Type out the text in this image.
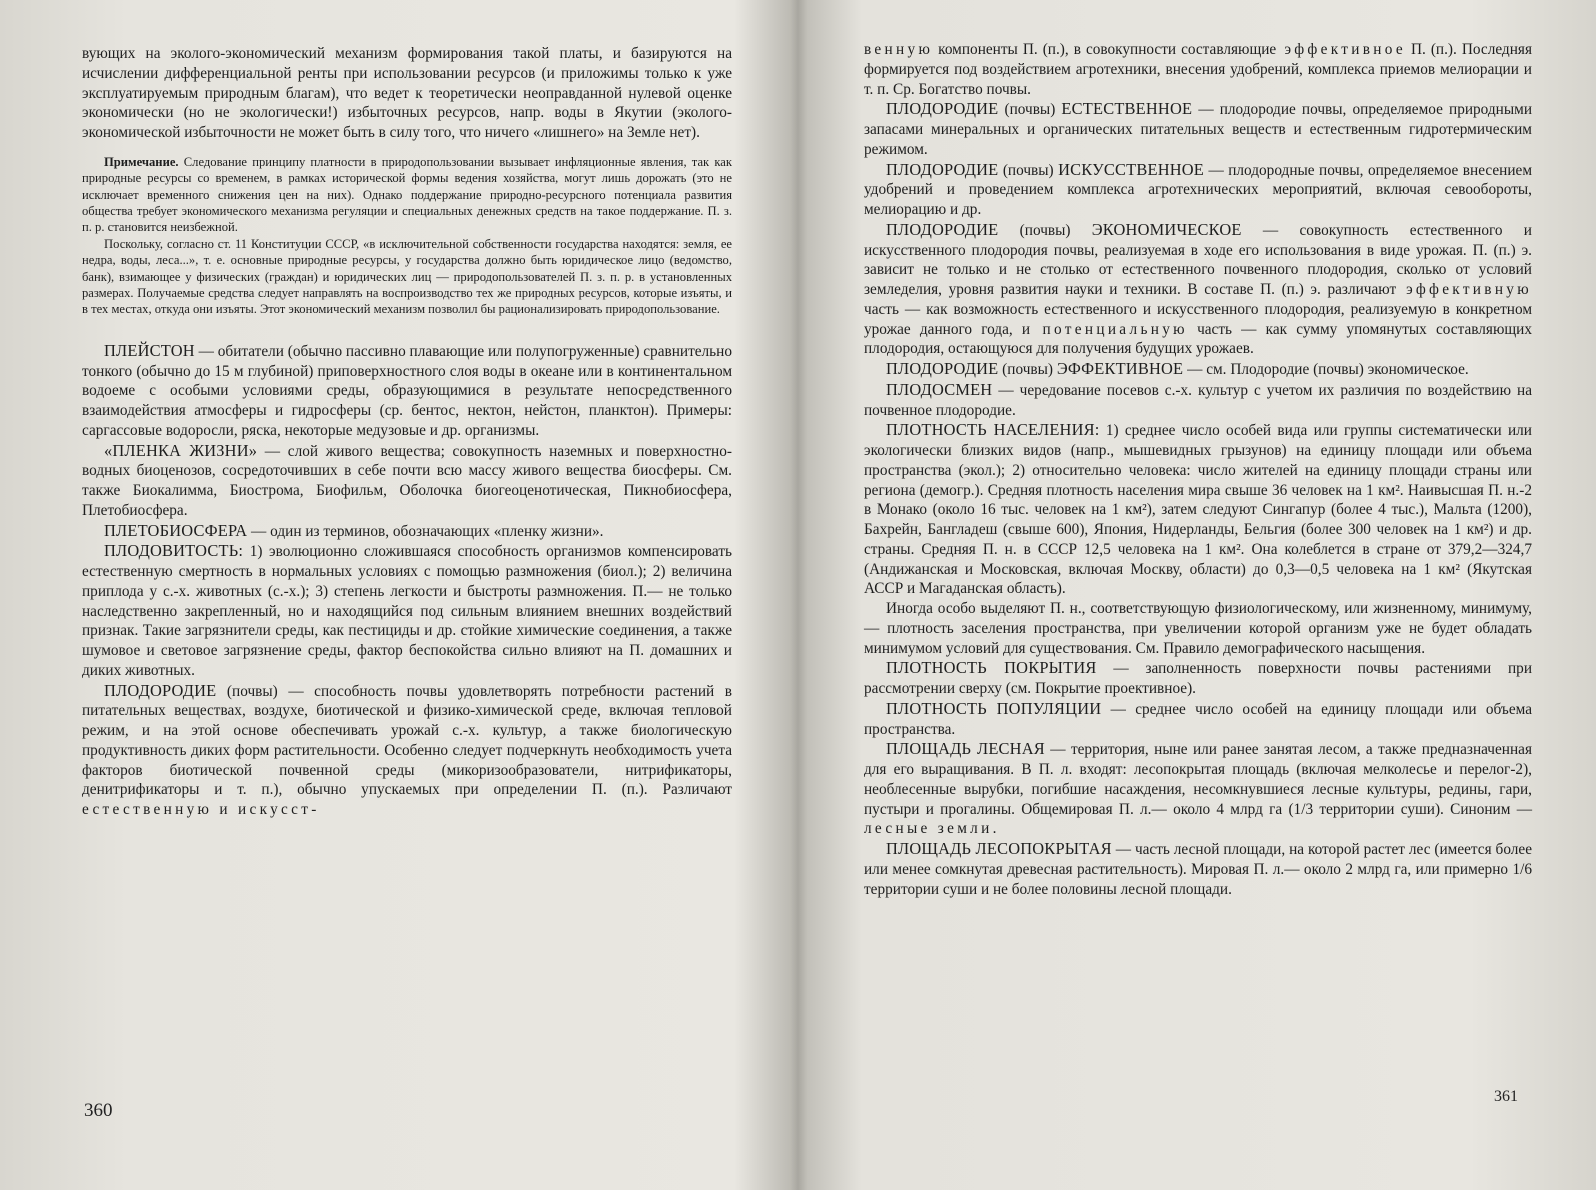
вующих на эколого-экономический механизм формирования такой платы, и базируются на исчислении дифференциальной ренты при использовании ресурсов (и приложимы только к уже эксплуатируемым природным благам), что ведет к теоретически неоправданной нулевой оценке экономически (но не экологически!) избыточных ресурсов, напр. воды в Якутии (эколого-экономической избыточности не может быть в силу того, что ничего «лишнего» на Земле нет).

Примечание. Следование принципу платности в природопользовании вызывает инфляционные явления, так как природные ресурсы со временем, в рамках исторической формы ведения хозяйства, могут лишь дорожать (это не исключает временного снижения цен на них). Однако поддержание природно-ресурсного потенциала развития общества требует экономического механизма регуляции и специальных денежных средств на такое поддержание. П. з. п. р. становится неизбежной.

Поскольку, согласно ст. 11 Конституции СССР, «в исключительной собственности государства находятся: земля, ее недра, воды, леса...», т. е. основные природные ресурсы, у государства должно быть юридическое лицо (ведомство, банк), взимающее у физических (граждан) и юридических лиц — природопользователей П. з. п. р. в установленных размерах. Получаемые средства следует направлять на воспроизводство тех же природных ресурсов, которые изъяты, и в тех местах, откуда они изъяты. Этот экономический механизм позволил бы рационализировать природопользование.

ПЛЕЙСТОН — обитатели (обычно пассивно плавающие или полупогруженные) сравнительно тонкого (обычно до 15 м глубиной) приповерхностного слоя воды в океане или в континентальном водоеме с особыми условиями среды, образующимися в результате непосредственного взаимодействия атмосферы и гидросферы (ср. бентос, нектон, нейстон, планктон). Примеры: саргассовые водоросли, ряска, некоторые медузовые и др. организмы.

«ПЛЕНКА ЖИЗНИ» — слой живого вещества; совокупность наземных и поверхностно-водных биоценозов, сосредоточивших в себе почти всю массу живого вещества биосферы. См. также Биокалимма, Биострома, Биофильм, Оболочка биогеоценотическая, Пикнобиосфера, Плетобиосфера.

ПЛЕТОБИОСФЕРА — один из терминов, обозначающих «пленку жизни».

ПЛОДОВИТОСТЬ: 1) эволюционно сложившаяся способность организмов компенсировать естественную смертность в нормальных условиях с помощью размножения (биол.); 2) величина приплода у с.-х. животных (с.-х.); 3) степень легкости и быстроты размножения. П.— не только наследственно закрепленный, но и находящийся под сильным влиянием внешних воздействий признак. Такие загрязнители среды, как пестициды и др. стойкие химические соединения, а также шумовое и световое загрязнение среды, фактор беспокойства сильно влияют на П. домашних и диких животных.

ПЛОДОРОДИЕ (почвы) — способность почвы удовлетворять потребности растений в питательных веществах, воздухе, биотической и физико-химической среде, включая тепловой режим, и на этой основе обеспечивать урожай с.-х. культур, а также биологическую продуктивность диких форм растительности. Особенно следует подчеркнуть необходимость учета факторов биотической почвенной среды (микоризообразователи, нитрификаторы, денитрификаторы и т. п.), обычно упускаемых при определении П. (п.). Различают естественную и искусст-

360

венную компоненты П. (п.), в совокупности составляющие эффективное П. (п.). Последняя формируется под воздействием агротехники, внесения удобрений, комплекса приемов мелиорации и т. п. Ср. Богатство почвы.

ПЛОДОРОДИЕ (почвы) ЕСТЕСТВЕННОЕ — плодородие почвы, определяемое природными запасами минеральных и органических питательных веществ и естественным гидротермическим режимом.

ПЛОДОРОДИЕ (почвы) ИСКУССТВЕННОЕ — плодородные почвы, определяемое внесением удобрений и проведением комплекса агротехнических мероприятий, включая севообороты, мелиорацию и др.

ПЛОДОРОДИЕ (почвы) ЭКОНОМИЧЕСКОЕ — совокупность естественного и искусственного плодородия почвы, реализуемая в ходе его использования в виде урожая. П. (п.) э. зависит не только и не столько от естественного почвенного плодородия, сколько от условий земледелия, уровня развития науки и техники. В составе П. (п.) э. различают эффективную часть — как возможность естественного и искусственного плодородия, реализуемую в конкретном урожае данного года, и потенциальную часть — как сумму упомянутых составляющих плодородия, остающуюся для получения будущих урожаев.

ПЛОДОРОДИЕ (почвы) ЭФФЕКТИВНОЕ — см. Плодородие (почвы) экономическое.

ПЛОДОСМЕН — чередование посевов с.-х. культур с учетом их различия по воздействию на почвенное плодородие.

ПЛОТНОСТЬ НАСЕЛЕНИЯ: 1) среднее число особей вида или группы систематически или экологически близких видов (напр., мышевидных грызунов) на единицу площади или объема пространства (экол.); 2) относительно человека: число жителей на единицу площади страны или региона (демогр.). Средняя плотность населения мира свыше 36 человек на 1 км². Наивысшая П. н.-2 в Монако (около 16 тыс. человек на 1 км²), затем следуют Сингапур (более 4 тыс.), Мальта (1200), Бахрейн, Бангладеш (свыше 600), Япония, Нидерланды, Бельгия (более 300 человек на 1 км²) и др. страны. Средняя П. н. в СССР 12,5 человека на 1 км². Она колеблется в стране от 379,2—324,7 (Андижанская и Московская, включая Москву, области) до 0,3—0,5 человека на 1 км² (Якутская АССР и Магаданская область).

Иногда особо выделяют П. н., соответствующую физиологическому, или жизненному, минимуму,— плотность заселения пространства, при увеличении которой организм уже не будет обладать минимумом условий для существования. См. Правило демографического насыщения.

ПЛОТНОСТЬ ПОКРЫТИЯ — заполненность поверхности почвы растениями при рассмотрении сверху (см. Покрытие проективное).

ПЛОТНОСТЬ ПОПУЛЯЦИИ — среднее число особей на единицу площади или объема пространства.

ПЛОЩАДЬ ЛЕСНАЯ — территория, ныне или ранее занятая лесом, а также предназначенная для его выращивания. В П. л. входят: лесопокрытая площадь (включая мелколесье и перелог-2), необлесенные вырубки, погибшие насаждения, несомкнувшиеся лесные культуры, редины, гари, пустыри и прогалины. Общемировая П. л.— около 4 млрд га (1/3 территории суши). Синоним — лесные земли.

ПЛОЩАДЬ ЛЕСОПОКРЫТАЯ — часть лесной площади, на которой растет лес (имеется более или менее сомкнутая древесная растительность). Мировая П. л.— около 2 млрд га, или примерно 1/6 территории суши и не более половины лесной площади.

361
